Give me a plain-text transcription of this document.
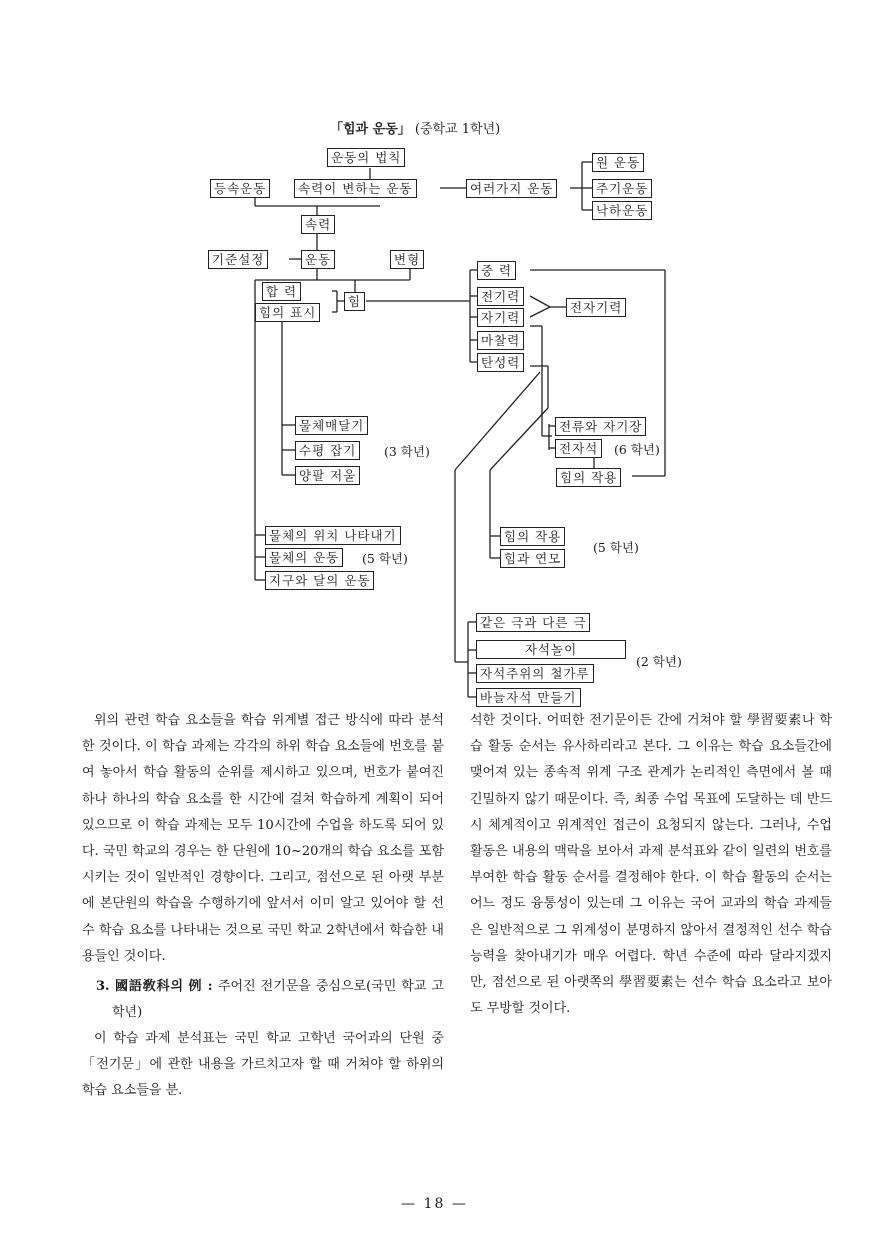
「힘과 운동」 (중학교 1학년)
운동의 법칙
등속운동	속력이 변하는 운동	여러가지 운동
원 운동
주기운동
낙하운동
속력
기준설정	운동	변형
합 력
힘의 표시
힘
중 력
전기력
자기력
마찰력
탄성력
전자기력
물체매달기
수평 잡기
양팔 저울
(3 학년)
전류와 자기장
전자석	(6 학년)
힘의 작용
물체의 위치 나타내기
물체의 운동	(5 학년)
지구와 달의 운동
힘의 작용
힘과 연모
(5 학년)
같은 극과 다른 극
자석놀이
자석주위의 철가루
바늘자석 만들기
(2 학년)

위의 관련 학습 요소들을 학습 위계별 접근 방식에 따라 분석한 것이다. 이 학습 과제는 각각의 하위 학습 요소들에 번호를 붙여 놓아서 학습 활동의 순위를 제시하고 있으며, 번호가 붙여진 하나 하나의 학습 요소를 한 시간에 걸쳐 학습하게 계획이 되어 있으므로 이 학습 과제는 모두 10시간에 수업을 하도록 되어 있다. 국민 학교의 경우는 한 단원에 10~20개의 학습 요소를 포함시키는 것이 일반적인 경향이다. 그리고, 점선으로 된 아랫 부분에 본단원의 학습을 수행하기에 앞서서 이미 알고 있어야 할 선수 학습 요소를 나타내는 것으로 국민 학교 2학년에서 학습한 내용들인 것이다.

3. 國語敎科의 例 : 주어진 전기문을 중심으로(국민 학교 고학년)

이 학습 과제 분석표는 국민 학교 고학년 국어과의 단원 중「전기문」에 관한 내용을 가르치고자 할 때 거쳐야 할 하위의 학습 요소들을 분.

석한 것이다. 어떠한 전기문이든 간에 거쳐야 할 學習要素나 학습 활동 순서는 유사하리라고 본다. 그 이유는 학습 요소들간에 맺어져 있는 종속적 위계 구조 관계가 논리적인 측면에서 볼 때 긴밀하지 않기 때문이다. 즉, 최종 수업 목표에 도달하는 데 반드시 체계적이고 위계적인 접근이 요청되지 않는다. 그러나, 수업 활동은 내용의 맥락을 보아서 과제 분석표와 같이 일련의 번호를 부여한 학습 활동 순서를 결정해야 한다. 이 학습 활동의 순서는 어느 정도 융통성이 있는데 그 이유는 국어 교과의 학습 과제들은 일반적으로 그 위계성이 분명하지 않아서 결정적인 선수 학습 능력을 찾아내기가 매우 어렵다. 학년 수준에 따라 달라지겠지만, 점선으로 된 아랫쪽의 學習要素는 선수 학습 요소라고 보아도 무방할 것이다.

— 18 —
